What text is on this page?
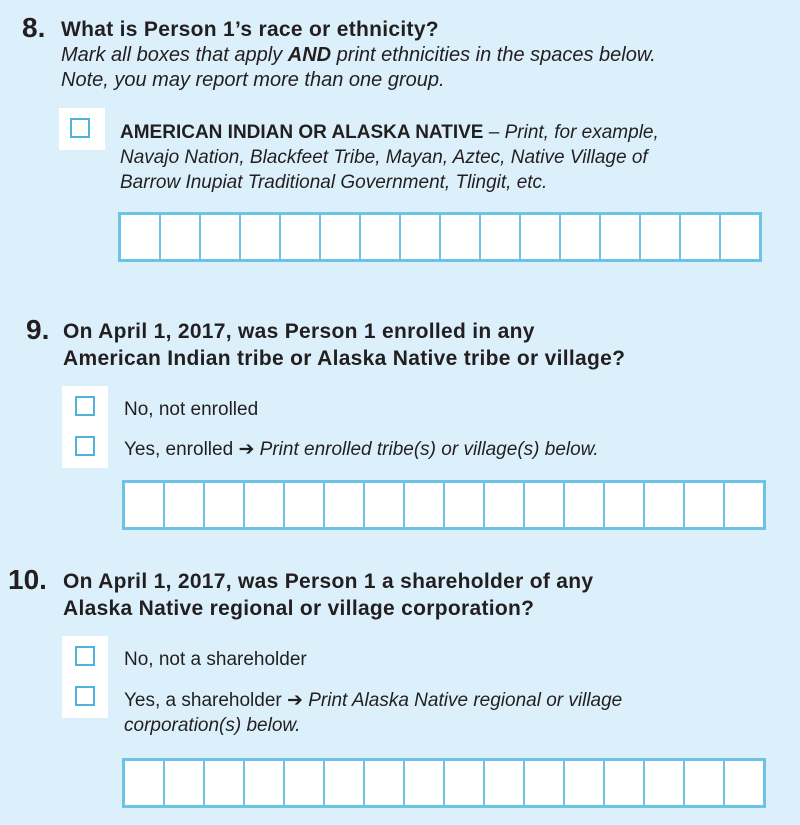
8. What is Person 1’s race or ethnicity?
Mark all boxes that apply AND print ethnicities in the spaces below.
Note, you may report more than one group.
AMERICAN INDIAN OR ALASKA NATIVE – Print, for example,
Navajo Nation, Blackfeet Tribe, Mayan, Aztec, Native Village of
Barrow Inupiat Traditional Government, Tlingit, etc.
9. On April 1, 2017, was Person 1 enrolled in any
American Indian tribe or Alaska Native tribe or village?
No, not enrolled
Yes, enrolled ➔ Print enrolled tribe(s) or village(s) below.
10. On April 1, 2017, was Person 1 a shareholder of any
Alaska Native regional or village corporation?
No, not a shareholder
Yes, a shareholder ➔ Print Alaska Native regional or village
corporation(s) below.
